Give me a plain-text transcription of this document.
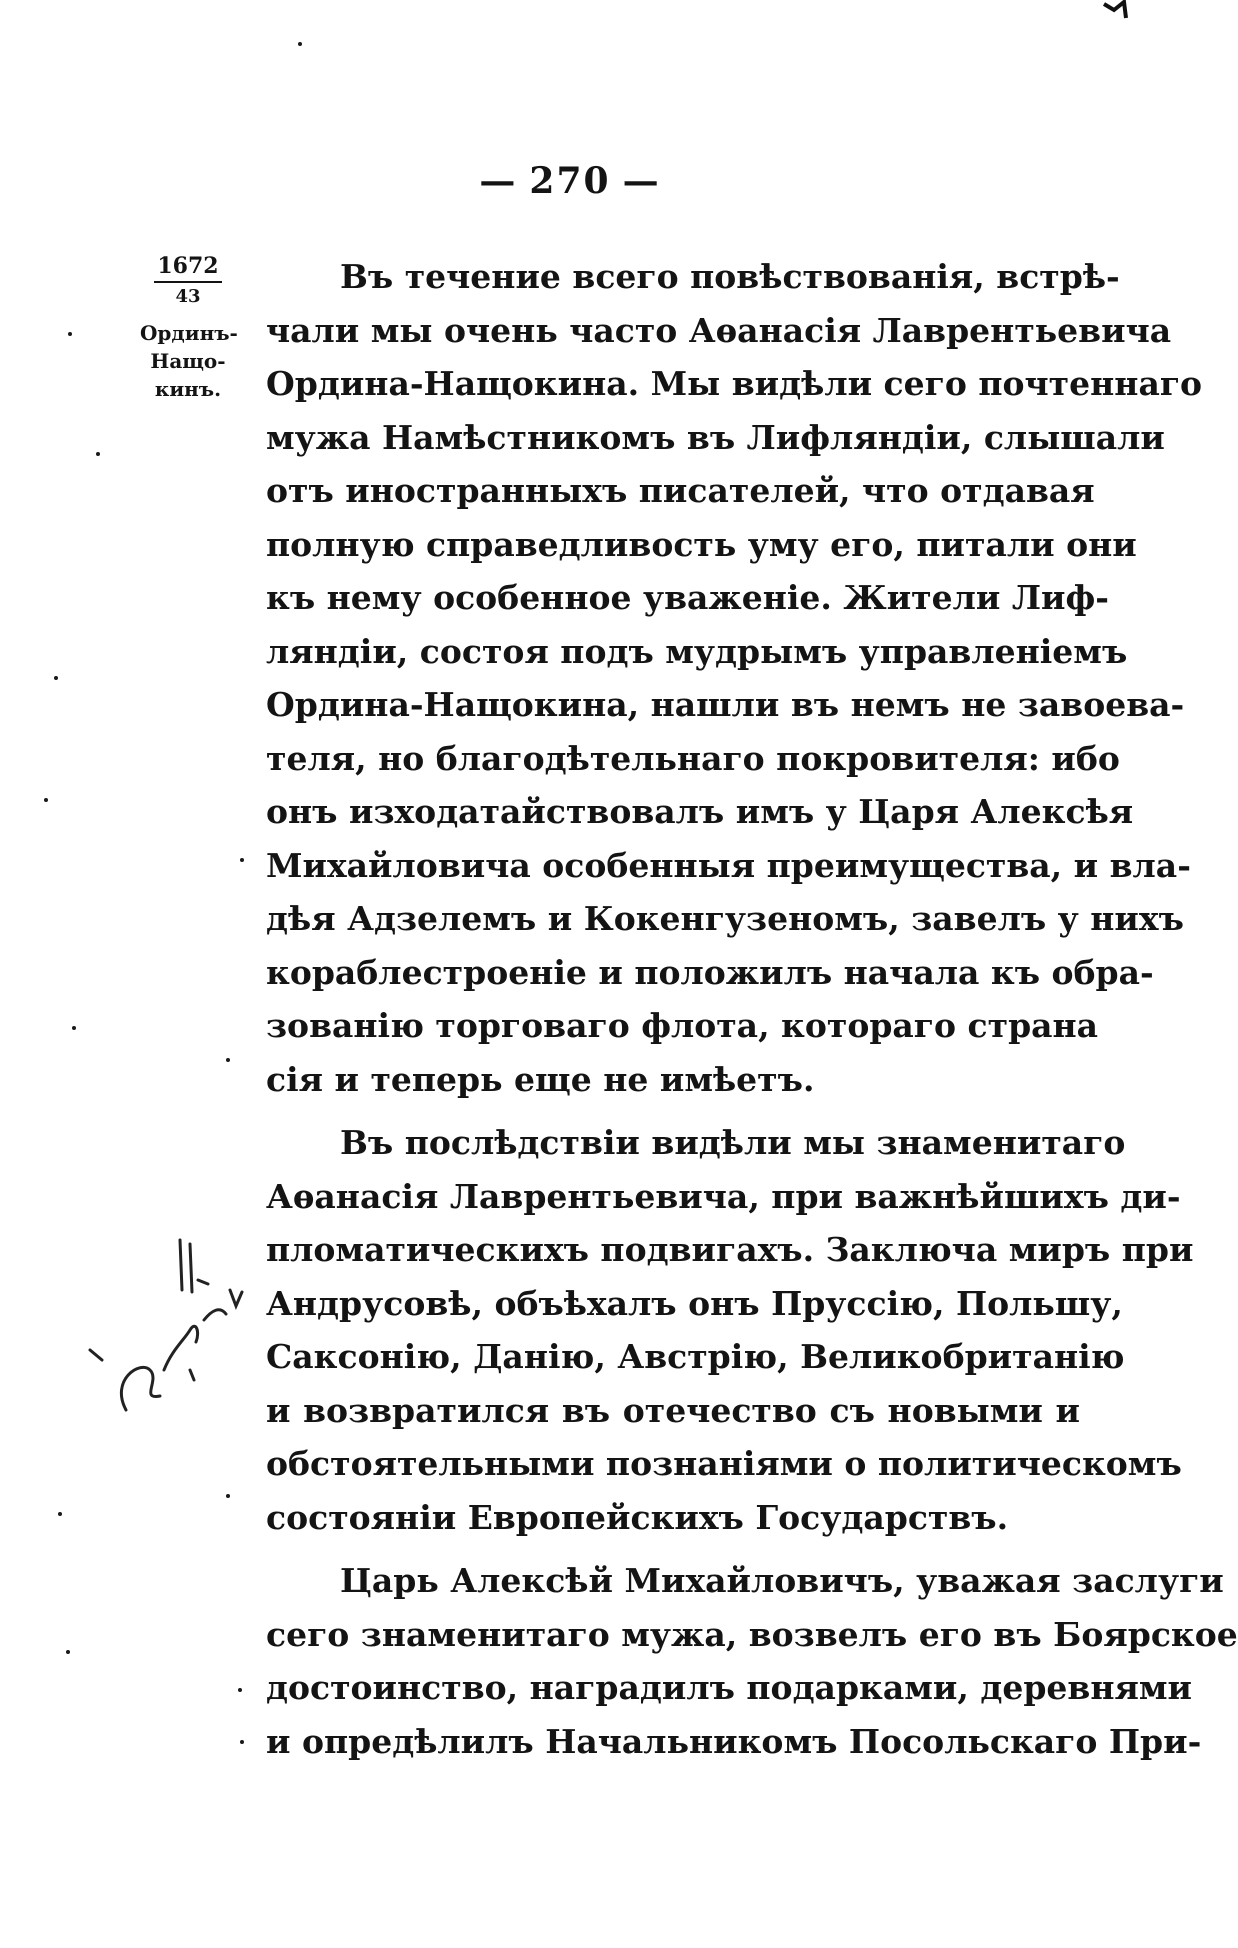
— 270 —
1672
43
Ординъ-
Нащо-
кинъ.
Въ течение всего повѣствованія, встрѣ-
чали мы очень часто Аѳанасія Лаврентьевича
Ордина-Нащокина. Мы видѣли сего почтеннаго
мужа Намѣстникомъ въ Лифляндіи, слышали
отъ иностранныхъ писателей, что отдавая
полную справедливость уму его, питали они
къ нему особенное уваженіе. Жители Лиф-
ляндіи, состоя подъ мудрымъ управленіемъ
Ордина-Нащокина, нашли въ немъ не завоева-
теля, но благодѣтельнаго покровителя: ибо
онъ изходатайствовалъ имъ у Царя Алексѣя
Михайловича особенныя преимущества, и вла-
дѣя Адзелемъ и Кокенгузеномъ, завелъ у нихъ
кораблестроеніе и положилъ начала къ обра-
зованію торговаго флота, котораго страна
сія и теперь еще не имѣетъ.
Въ послѣдствіи видѣли мы знаменитаго
Аѳанасія Лаврентьевича, при важнѣйшихъ ди-
пломатическихъ подвигахъ. Заключа миръ при
Андрусовѣ, объѣхалъ онъ Пруссію, Польшу,
Саксонію, Данію, Австрію, Великобританію
и возвратился въ отечество съ новыми и
обстоятельными познаніями о политическомъ
состояніи Европейскихъ Государствъ.
Царь Алексѣй Михайловичъ, уважая заслуги
сего знаменитаго мужа, возвелъ его въ Боярское
достоинство, наградилъ подарками, деревнями
и опредѣлилъ Начальникомъ Посольскаго При-
